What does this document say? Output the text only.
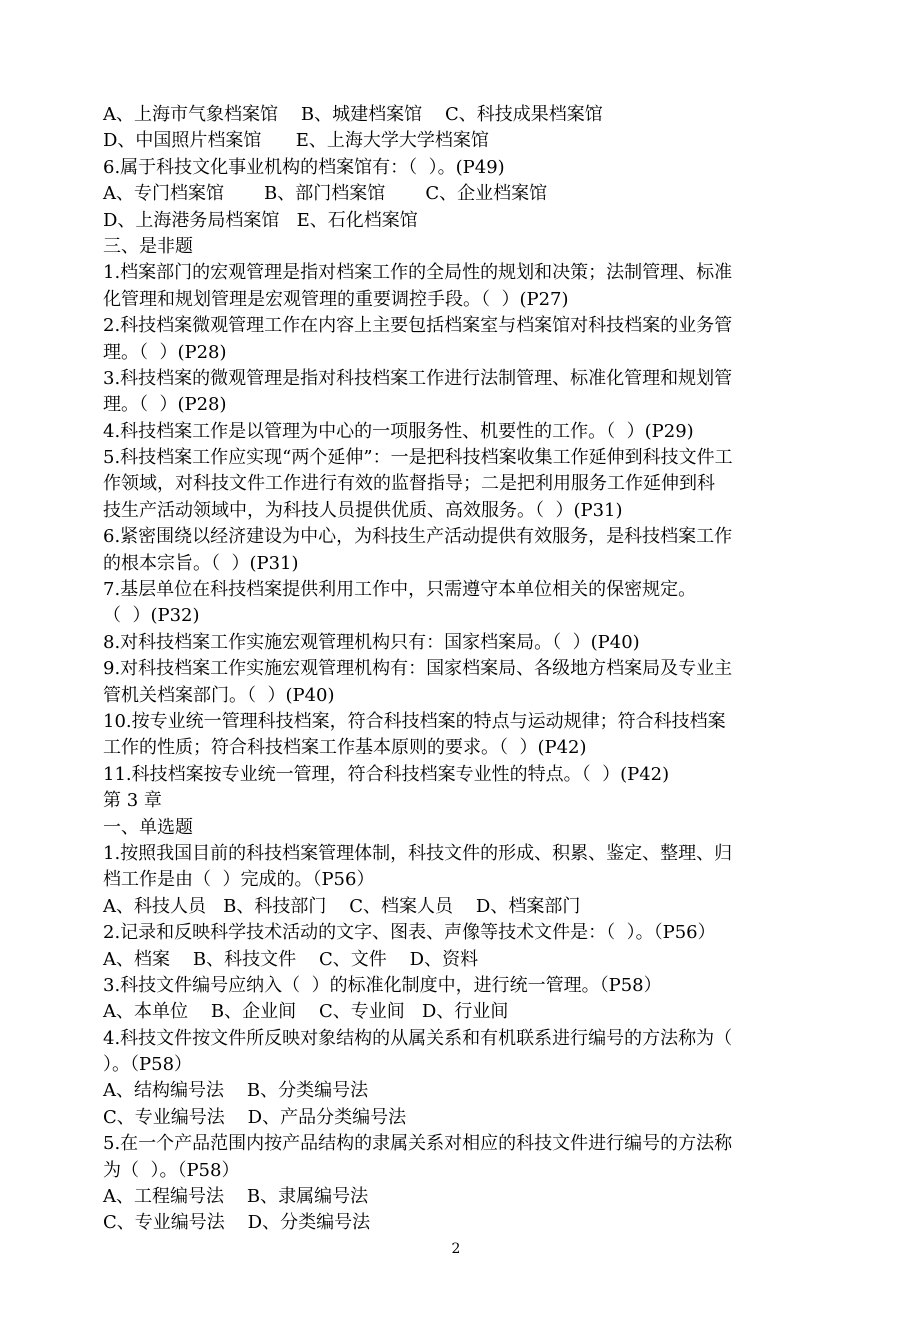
A、上海市气象档案馆    B、城建档案馆    C、科技成果档案馆
D、中国照片档案馆      E、上海大学大学档案馆
6.属于科技文化事业机构的档案馆有：（  ）。(P49)
A、专门档案馆       B、部门档案馆       C、企业档案馆
D、上海港务局档案馆   E、石化档案馆
三、是非题
1.档案部门的宏观管理是指对档案工作的全局性的规划和决策；法制管理、标准
化管理和规划管理是宏观管理的重要调控手段。（  ）(P27)
2.科技档案微观管理工作在内容上主要包括档案室与档案馆对科技档案的业务管
理。（  ）(P28)
3.科技档案的微观管理是指对科技档案工作进行法制管理、标准化管理和规划管
理。（  ）(P28)
4.科技档案工作是以管理为中心的一项服务性、机要性的工作。（  ）(P29)
5.科技档案工作应实现“两个延伸”：一是把科技档案收集工作延伸到科技文件工
作领域，对科技文件工作进行有效的监督指导；二是把利用服务工作延伸到科
技生产活动领域中，为科技人员提供优质、高效服务。（  ）(P31)
6.紧密围绕以经济建设为中心，为科技生产活动提供有效服务，是科技档案工作
的根本宗旨。（  ）(P31)
7.基层单位在科技档案提供利用工作中，只需遵守本单位相关的保密规定。
（  ）(P32)
8.对科技档案工作实施宏观管理机构只有：国家档案局。（  ）(P40)
9.对科技档案工作实施宏观管理机构有：国家档案局、各级地方档案局及专业主
管机关档案部门。（  ）(P40)
10.按专业统一管理科技档案，符合科技档案的特点与运动规律；符合科技档案
工作的性质；符合科技档案工作基本原则的要求。（  ）(P42)
11.科技档案按专业统一管理，符合科技档案专业性的特点。（  ）(P42)
第 3 章
一、单选题
1.按照我国目前的科技档案管理体制，科技文件的形成、积累、鉴定、整理、归
档工作是由（  ）完成的。（P56）
A、科技人员   B、科技部门    C、档案人员    D、档案部门
2.记录和反映科学技术活动的文字、图表、声像等技术文件是：（  ）。（P56）
A、档案    B、科技文件    C、文件    D、资料
3.科技文件编号应纳入（  ）的标准化制度中，进行统一管理。（P58）
A、本单位    B、企业间    C、专业间   D、行业间
4.科技文件按文件所反映对象结构的从属关系和有机联系进行编号的方法称为（
）。（P58）
A、结构编号法    B、分类编号法
C、专业编号法    D、产品分类编号法
5.在一个产品范围内按产品结构的隶属关系对相应的科技文件进行编号的方法称
为（  ）。（P58）
A、工程编号法    B、隶属编号法
C、专业编号法    D、分类编号法
2
